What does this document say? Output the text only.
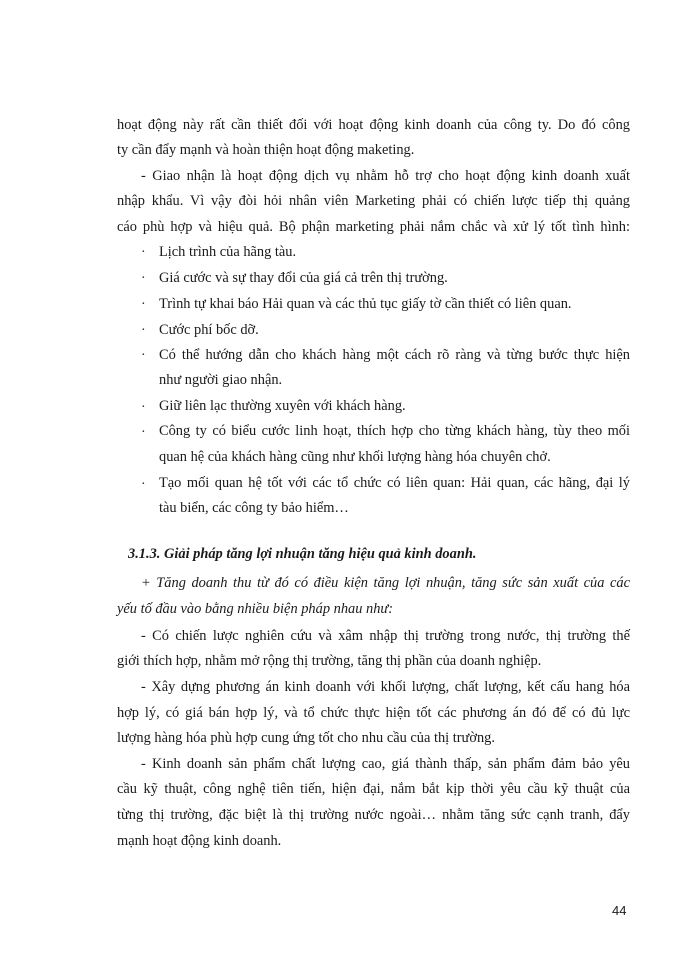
hoạt động này rất cần thiết đối với hoạt động kinh doanh của công ty. Do đó công
ty cần đẩy mạnh và hoàn thiện hoạt động maketing.
- Giao nhận là hoạt động dịch vụ nhằm hỗ trợ cho hoạt động kinh doanh xuất
nhập khẩu. Vì vậy đòi hỏi nhân viên Marketing phải có chiến lược tiếp thị quảng
cáo phù hợp và hiệu quả. Bộ phận marketing phải nắm chắc và xử lý tốt tình hình:
· Lịch trình của hãng tàu.
· Giá cước và sự thay đổi của giá cả trên thị trường.
· Trình tự khai báo Hải quan và các thủ tục giấy tờ cần thiết có liên quan.
· Cước phí bốc dỡ.
· Có thể hướng dẫn cho khách hàng một cách rõ ràng và từng bước thực hiện
như người giao nhận.
· Giữ liên lạc thường xuyên với khách hàng.
· Công ty có biểu cước linh hoạt, thích hợp cho từng khách hàng, tùy theo mối
quan hệ của khách hàng cũng như khối lượng hàng hóa chuyên chở.
· Tạo mối quan hệ tốt với các tổ chức có liên quan: Hải quan, các hãng, đại lý
tàu biển, các công ty bảo hiểm…
3.1.3. Giải pháp tăng lợi nhuận tăng hiệu quả kinh doanh.
+ Tăng doanh thu từ đó có điều kiện tăng lợi nhuận, tăng sức sản xuất của các
yếu tố đầu vào bằng nhiều biện pháp nhau như:
- Có chiến lược nghiên cứu và xâm nhập thị trường trong nước, thị trường thế
giới thích hợp, nhằm mở rộng thị trường, tăng thị phần của doanh nghiệp.
- Xây dựng phương án kinh doanh với khối lượng, chất lượng, kết cấu hang hóa
hợp lý, có giá bán hợp lý, và tổ chức thực hiện tốt các phương án đó để có đủ lực
lượng hàng hóa phù hợp cung ứng tốt cho nhu cầu của thị trường.
- Kinh doanh sản phẩm chất lượng cao, giá thành thấp, sản phẩm đảm bảo yêu
cầu kỹ thuật, công nghệ tiên tiến, hiện đại, nắm bắt kịp thời yêu cầu kỹ thuật của
từng thị trường, đặc biệt là thị trường nước ngoài… nhằm tăng sức cạnh tranh, đẩy
mạnh hoạt động kinh doanh.
44
